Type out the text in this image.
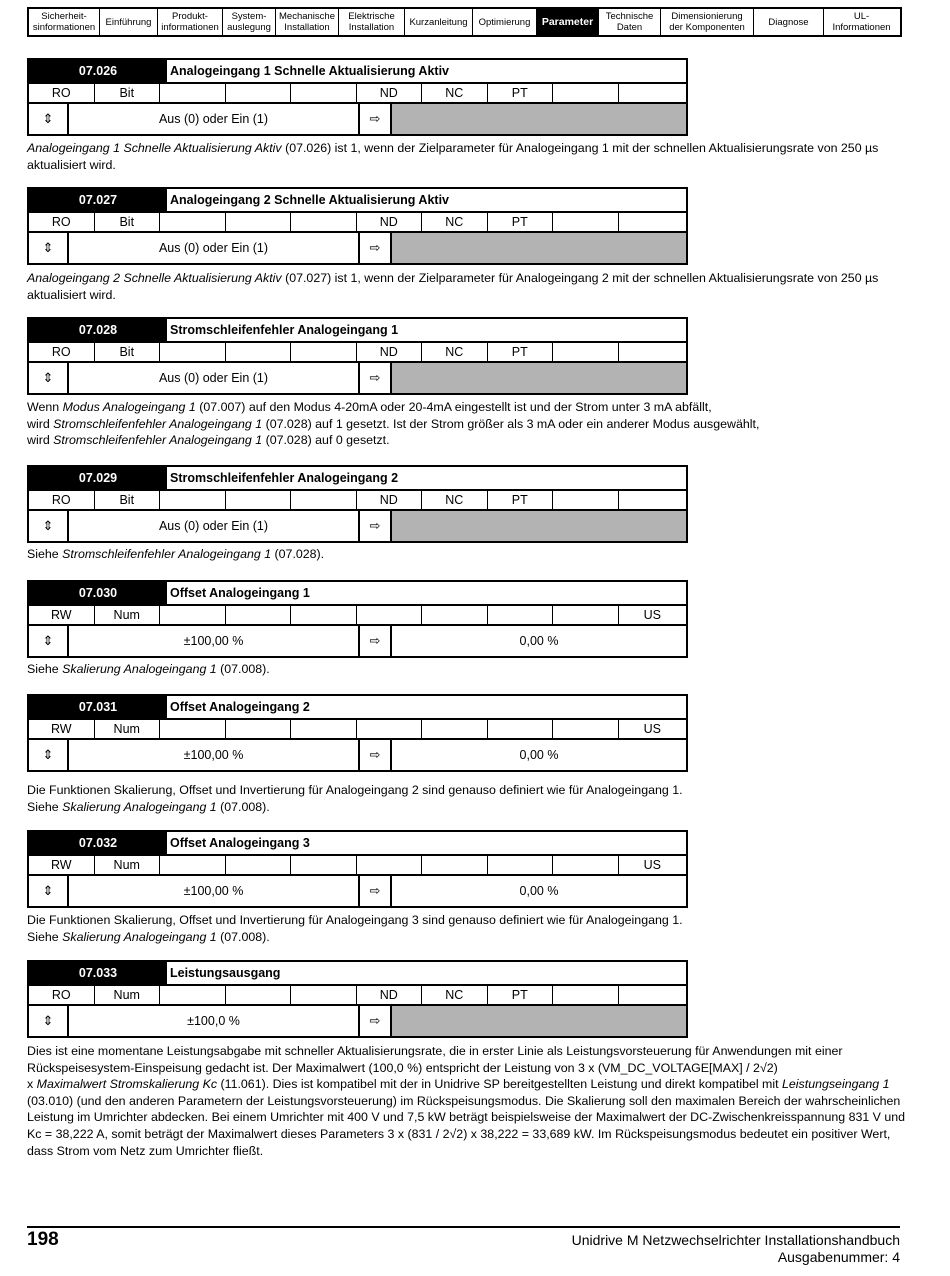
Sicherheit-
sinformationen	Einführung	Produkt-
informationen
System-
auslegung
Mechanische
Installation
Elektrische
Installation	Kurzanleitung	Optimierung	Parameter	Technische
Daten
Dimensionierung
der Komponenten	Diagnose	UL-
Informationen
07.026	Analogeingang 1 Schnelle Aktualisierung Aktiv
RO	Bit	ND	NC	PT
⇕	Aus (0) oder Ein (1)	⇨
Analogeingang 1 Schnelle Aktualisierung Aktiv (07.026) ist 1, wenn der Zielparameter für Analogeingang 1 mit der schnellen Aktualisierungsrate von 250 µs aktualisiert wird.
07.027	Analogeingang 2 Schnelle Aktualisierung Aktiv
RO	Bit	ND	NC	PT
⇕	Aus (0) oder Ein (1)	⇨
Analogeingang 2 Schnelle Aktualisierung Aktiv (07.027) ist 1, wenn der Zielparameter für Analogeingang 2 mit der schnellen Aktualisierungsrate von 250 µs aktualisiert wird.
07.028	Stromschleifenfehler Analogeingang 1
RO	Bit	ND	NC	PT
⇕	Aus (0) oder Ein (1)	⇨
Wenn Modus Analogeingang 1 (07.007) auf den Modus 4-20mA oder 20-4mA eingestellt ist und der Strom unter 3 mA abfällt,
wird Stromschleifenfehler Analogeingang 1 (07.028) auf 1 gesetzt. Ist der Strom größer als 3 mA oder ein anderer Modus ausgewählt,
wird Stromschleifenfehler Analogeingang 1 (07.028) auf 0 gesetzt.
07.029	Stromschleifenfehler Analogeingang 2
RO	Bit	ND	NC	PT
⇕	Aus (0) oder Ein (1)	⇨
Siehe Stromschleifenfehler Analogeingang 1 (07.028).
07.030	Offset Analogeingang 1
RW	Num	US
⇕	±100,00 %	⇨	0,00 %
Siehe Skalierung Analogeingang 1 (07.008).
07.031	Offset Analogeingang 2
RW	Num	US
⇕	±100,00 %	⇨	0,00 %
Die Funktionen Skalierung, Offset und Invertierung für Analogeingang 2 sind genauso definiert wie für Analogeingang 1.
Siehe Skalierung Analogeingang 1 (07.008).
07.032	Offset Analogeingang 3
RW	Num	US
⇕	±100,00 %	⇨	0,00 %
Die Funktionen Skalierung, Offset und Invertierung für Analogeingang 3 sind genauso definiert wie für Analogeingang 1.
Siehe Skalierung Analogeingang 1 (07.008).
07.033	Leistungsausgang
RO	Num	ND	NC	PT
⇕	±100,0 %	⇨
Dies ist eine momentane Leistungsabgabe mit schneller Aktualisierungsrate, die in erster Linie als Leistungsvorsteuerung für Anwendungen mit einer Rückspeisesystem-Einspeisung gedacht ist. Der Maximalwert (100,0 %) entspricht der Leistung von 3 x (VM_DC_VOLTAGE[MAX] / 2√2)
x Maximalwert Stromskalierung Kc (11.061). Dies ist kompatibel mit der in Unidrive SP bereitgestellten Leistung und direkt kompatibel mit Leistungseingang 1 (03.010) (und den anderen Parametern der Leistungsvorsteuerung) im Rückspeisungsmodus. Die Skalierung soll den maximalen Bereich der wahrscheinlichen Leistung im Umrichter abdecken. Bei einem Umrichter mit 400 V und 7,5 kW beträgt beispielsweise der Maximalwert der DC-Zwischenkreisspannung 831 V und Kc = 38,222 A, somit beträgt der Maximalwert dieses Parameters 3 x (831 / 2√2) x 38,222 = 33,689 kW. Im Rückspeisungsmodus bedeutet ein positiver Wert, dass Strom vom Netz zum Umrichter fließt.
198	Unidrive M Netzwechselrichter Installationshandbuch
Ausgabenummer: 4
